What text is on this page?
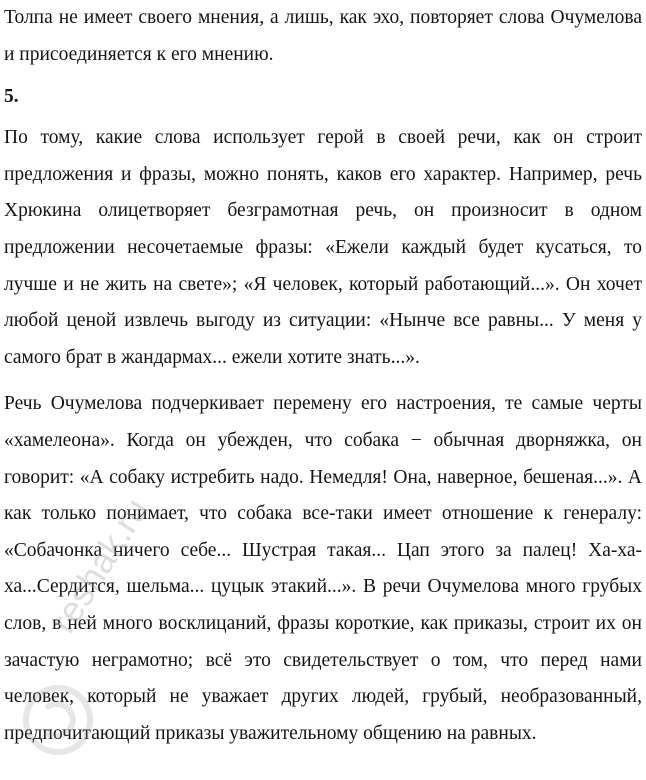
Толпа не имеет своего мнения, а лишь, как эхо, повторяет слова Очумелова и присоединяется к его мнению.

5.

По тому, какие слова использует герой в своей речи, как он строит предложения и фразы, можно понять, каков его характер. Например, речь Хрюкина олицетворяет безграмотная речь, он произносит в одном предложении несочетаемые фразы: «Ежели каждый будет кусаться, то лучше и не жить на свете»; «Я человек, который работающий...». Он хочет любой ценой извлечь выгоду из ситуации: «Нынче все равны... У меня у самого брат в жандармах... ежели хотите знать...».

Речь Очумелова подчеркивает перемену его настроения, те самые черты «хамелеона». Когда он убежден, что собака − обычная дворняжка, он говорит: «А собаку истребить надо. Немедля! Она, наверное, бешеная...». А как только понимает, что собака все-таки имеет отношение к генералу: «Собачонка ничего себе... Шустрая такая... Цап этого за палец! Ха-ха-ха...Сердится, шельма... цуцык этакий...». В речи Очумелова много грубых слов, в ней много восклицаний, фразы короткие, как приказы, строит их он зачастую неграмотно; всё это свидетельствует о том, что перед нами человек, который не уважает других людей, грубый, необразованный, предпочитающий приказы уважительному общению на равных.

reshak.ru
